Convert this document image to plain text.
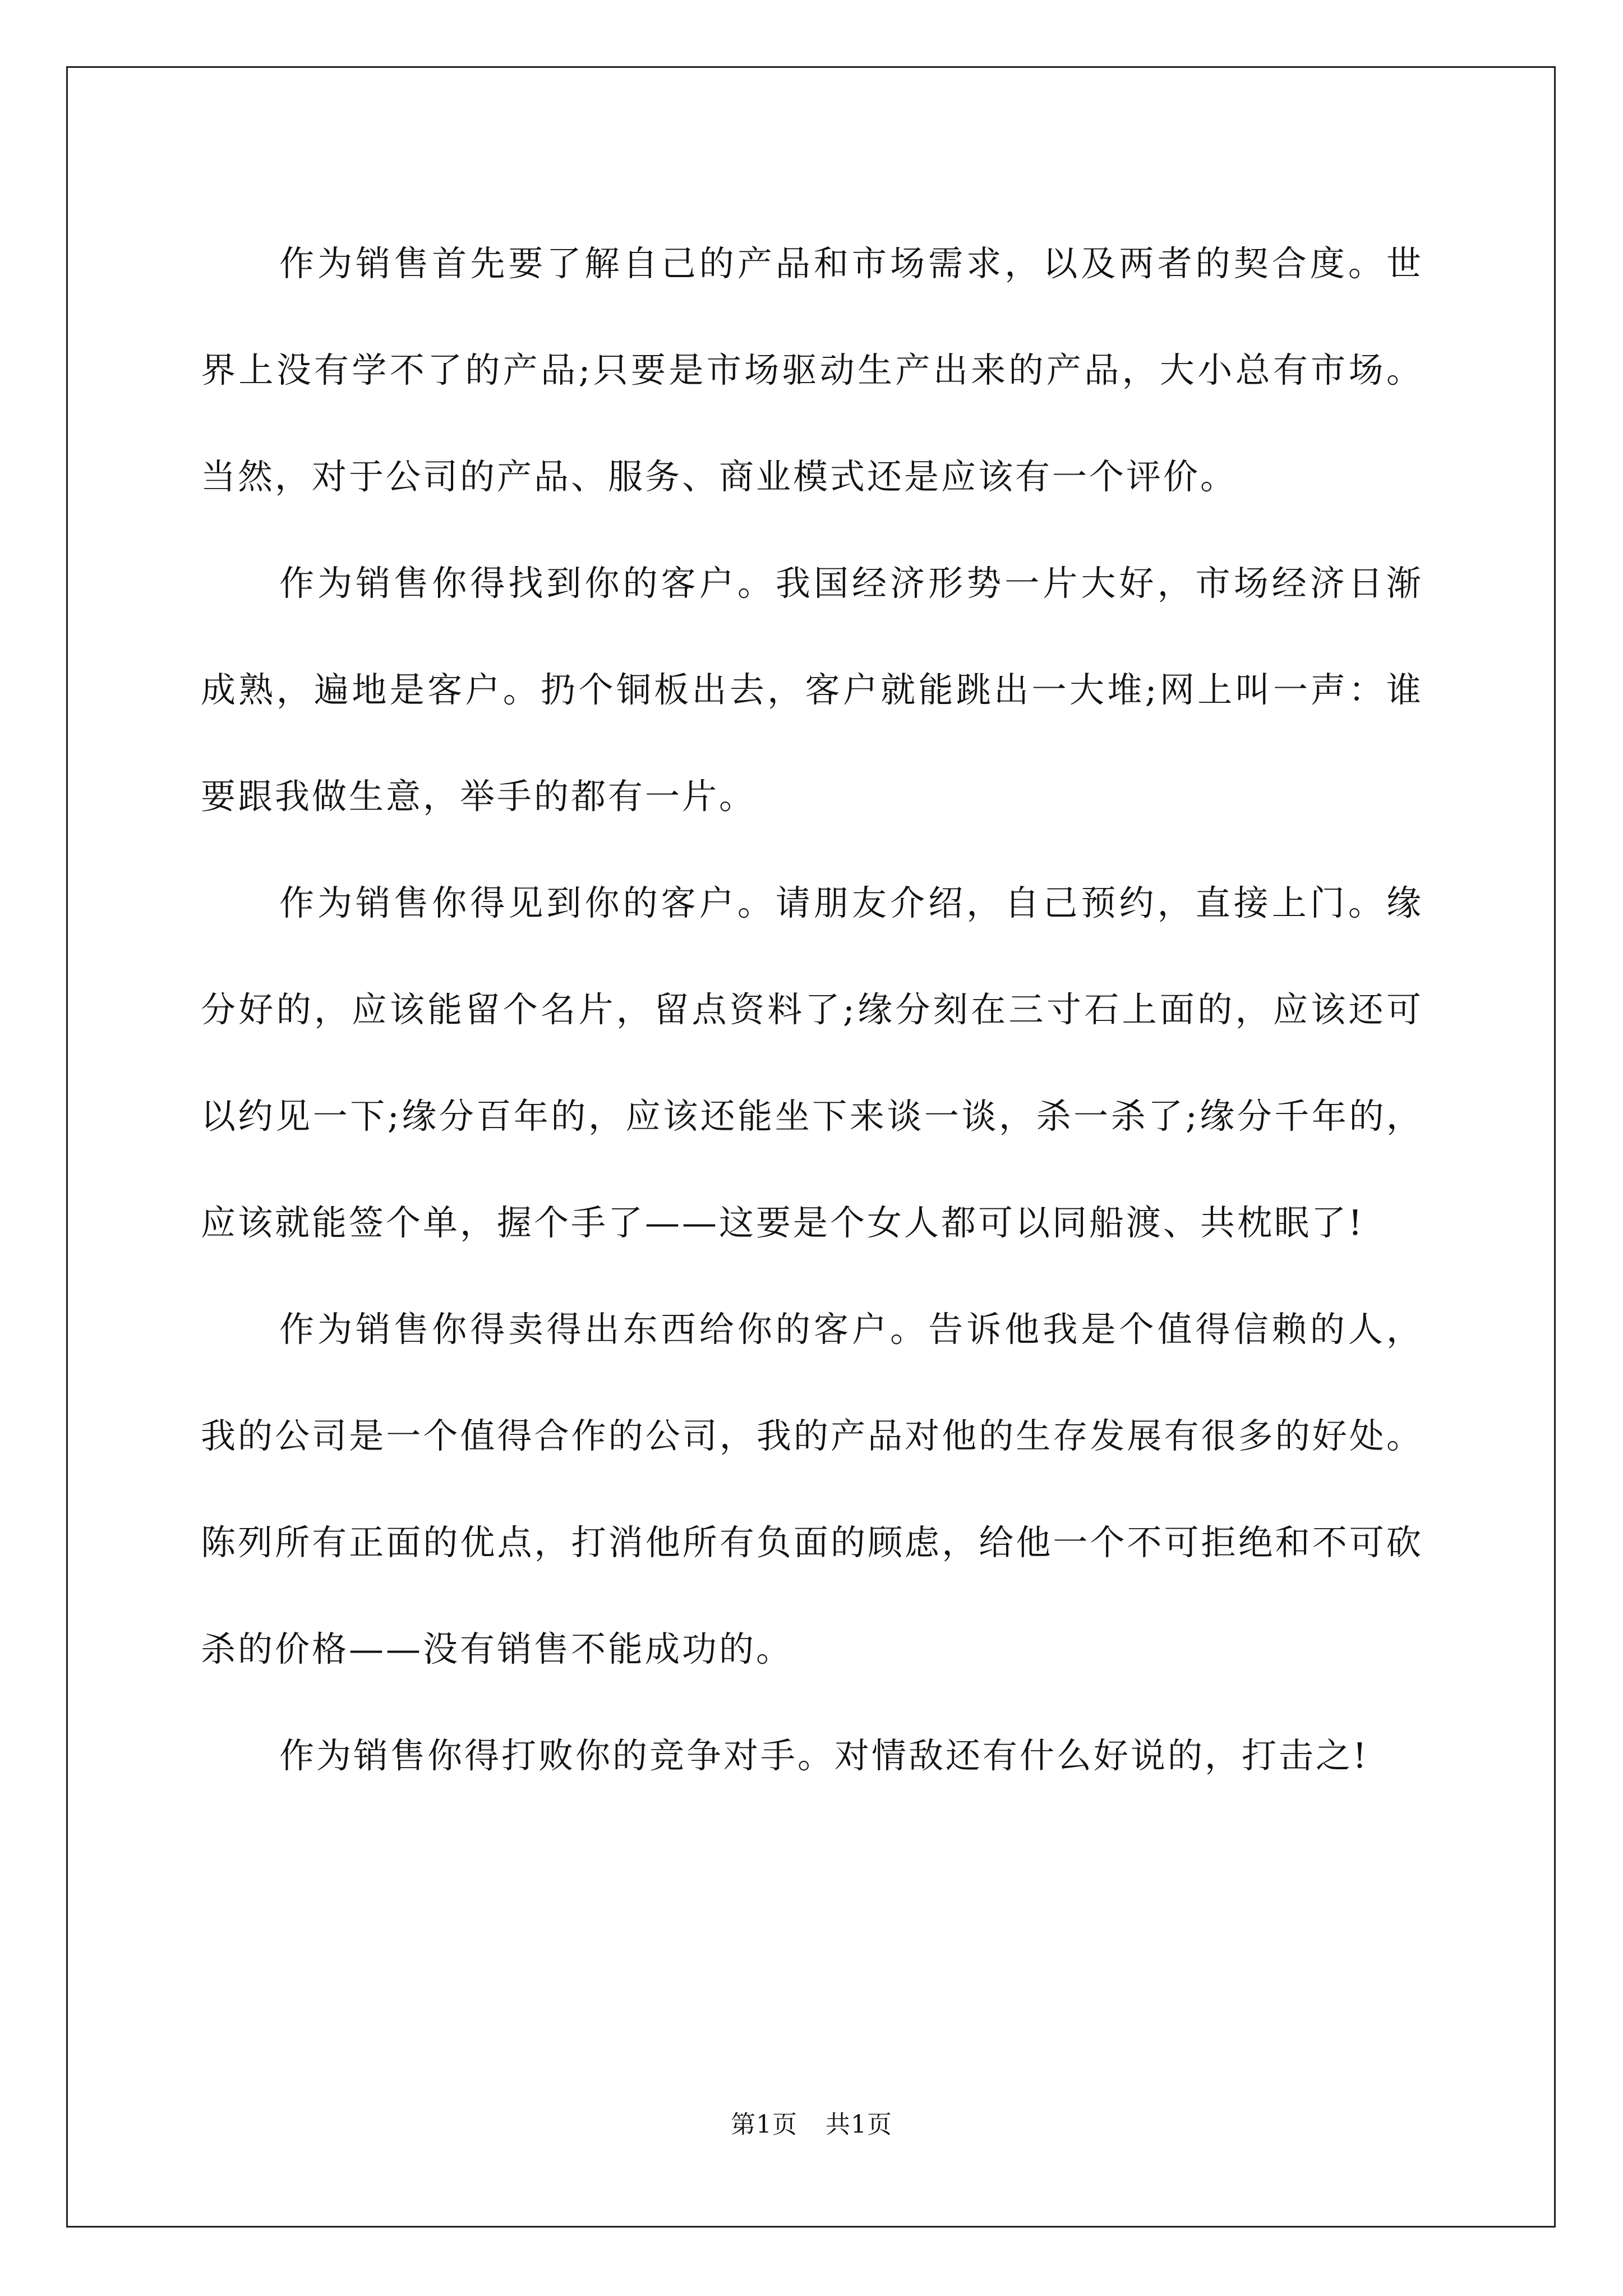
作为销售首先要了解自己的产品和市场需求，以及两者的契合度。世界上没有学不了的产品;只要是市场驱动生产出来的产品，大小总有市场。当然，对于公司的产品、服务、商业模式还是应该有一个评价。

作为销售你得找到你的客户。我国经济形势一片大好，市场经济日渐成熟，遍地是客户。扔个铜板出去，客户就能跳出一大堆;网上叫一声：谁要跟我做生意，举手的都有一片。

作为销售你得见到你的客户。请朋友介绍，自己预约，直接上门。缘分好的，应该能留个名片，留点资料了;缘分刻在三寸石上面的，应该还可以约见一下;缘分百年的，应该还能坐下来谈一谈，杀一杀了;缘分千年的，应该就能签个单，握个手了——这要是个女人都可以同船渡、共枕眠了!

作为销售你得卖得出东西给你的客户。告诉他我是个值得信赖的人，我的公司是一个值得合作的公司，我的产品对他的生存发展有很多的好处。陈列所有正面的优点，打消他所有负面的顾虑，给他一个不可拒绝和不可砍杀的价格——没有销售不能成功的。

作为销售你得打败你的竞争对手。对情敌还有什么好说的，打击之!

第1页 共1页
